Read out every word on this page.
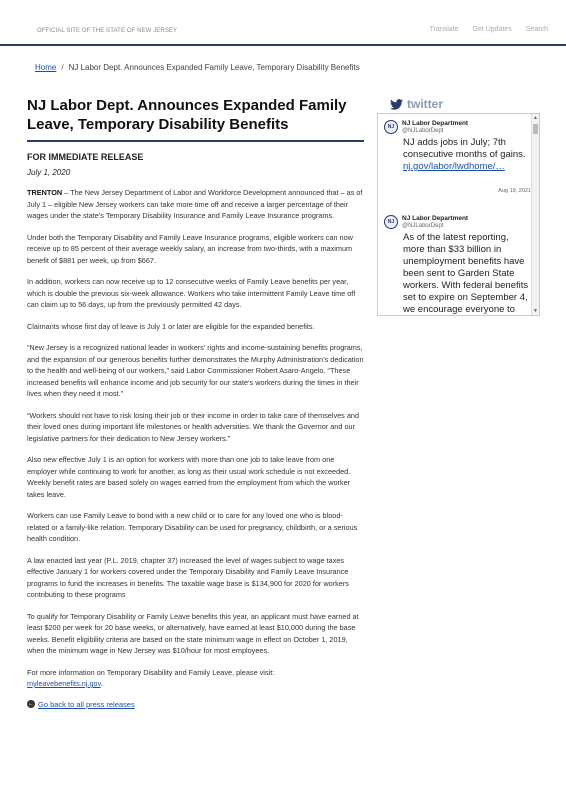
OFFICIAL SITE OF THE STATE OF NEW JERSEY	Translate Get Updates Search
Home / NJ Labor Dept. Announces Expanded Family Leave, Temporary Disability Benefits
NJ Labor Dept. Announces Expanded Family Leave, Temporary Disability Benefits
FOR IMMEDIATE RELEASE
July 1, 2020

TRENTON – The New Jersey Department of Labor and Workforce Development announced that – as of July 1 – eligible New Jersey workers can take more time off and receive a larger percentage of their wages under the state’s Temporary Disability Insurance and Family Leave Insurance programs.

Under both the Temporary Disability and Family Leave Insurance programs, eligible workers can now receive up to 85 percent of their average weekly salary, an increase from two-thirds, with a maximum benefit of $881 per week, up from $667.

In addition, workers can now receive up to 12 consecutive weeks of Family Leave benefits per year, which is double the previous six-week allowance. Workers who take intermittent Family Leave time off can claim up to 56 days, up from the previously permitted 42 days.

Claimants whose first day of leave is July 1 or later are eligible for the expanded benefits.

“New Jersey is a recognized national leader in workers’ rights and income-sustaining benefits programs, and the expansion of our generous benefits further demonstrates the Murphy Administration’s dedication to the health and well-being of our workers,” said Labor Commissioner Robert Asaro-Angelo. “These increased benefits will enhance income and job security for our state’s workers during the times in their lives when they need it most.”

“Workers should not have to risk losing their job or their income in order to take care of themselves and their loved ones during important life milestones or health adversities. We thank the Governor and our legislative partners for their dedication to New Jersey workers.”

Also new effective July 1 is an option for workers with more than one job to take leave from one employer while continuing to work for another, as long as their usual work schedule is not exceeded. Weekly benefit rates are based solely on wages earned from the employment from which the worker takes leave.

Workers can use Family Leave to bond with a new child or to care for any loved one who is blood-related or a family-like relation. Temporary Disability can be used for pregnancy, childbirth, or a serious health condition.

A law enacted last year (P.L. 2019, chapter 37) increased the level of wages subject to wage taxes effective January 1 for workers covered under the Temporary Disability and Family Leave Insurance programs to fund the increases in benefits. The taxable wage base is $134,900 for 2020 for workers contributing to these programs

To qualify for Temporary Disability or Family Leave benefits this year, an applicant must have earned at least $200 per week for 20 base weeks, or alternatively, have earned at least $10,000 during the base weeks. Benefit eligibility criteria are based on the state minimum wage in effect on October 1, 2019, when the minimum wage in New Jersey was $10/hour for most employees.

For more information on Temporary Disability and Family Leave, please visit:
myleavebenefits.nj.gov.

← Go back to all press releases
twitter
NJ	NJ Labor Department
@NJLaborDept
NJ adds jobs in July; 7th consecutive months of gains.
nj.gov/labor/lwdhome/…
Aug 19, 2021
NJ	NJ Labor Department
@NJLaborDept
As of the latest reporting, more than $33 billion in unemployment benefits have been sent to Garden State workers. With federal benefits set to expire on September 4, we encourage everyone to
▲
▼
